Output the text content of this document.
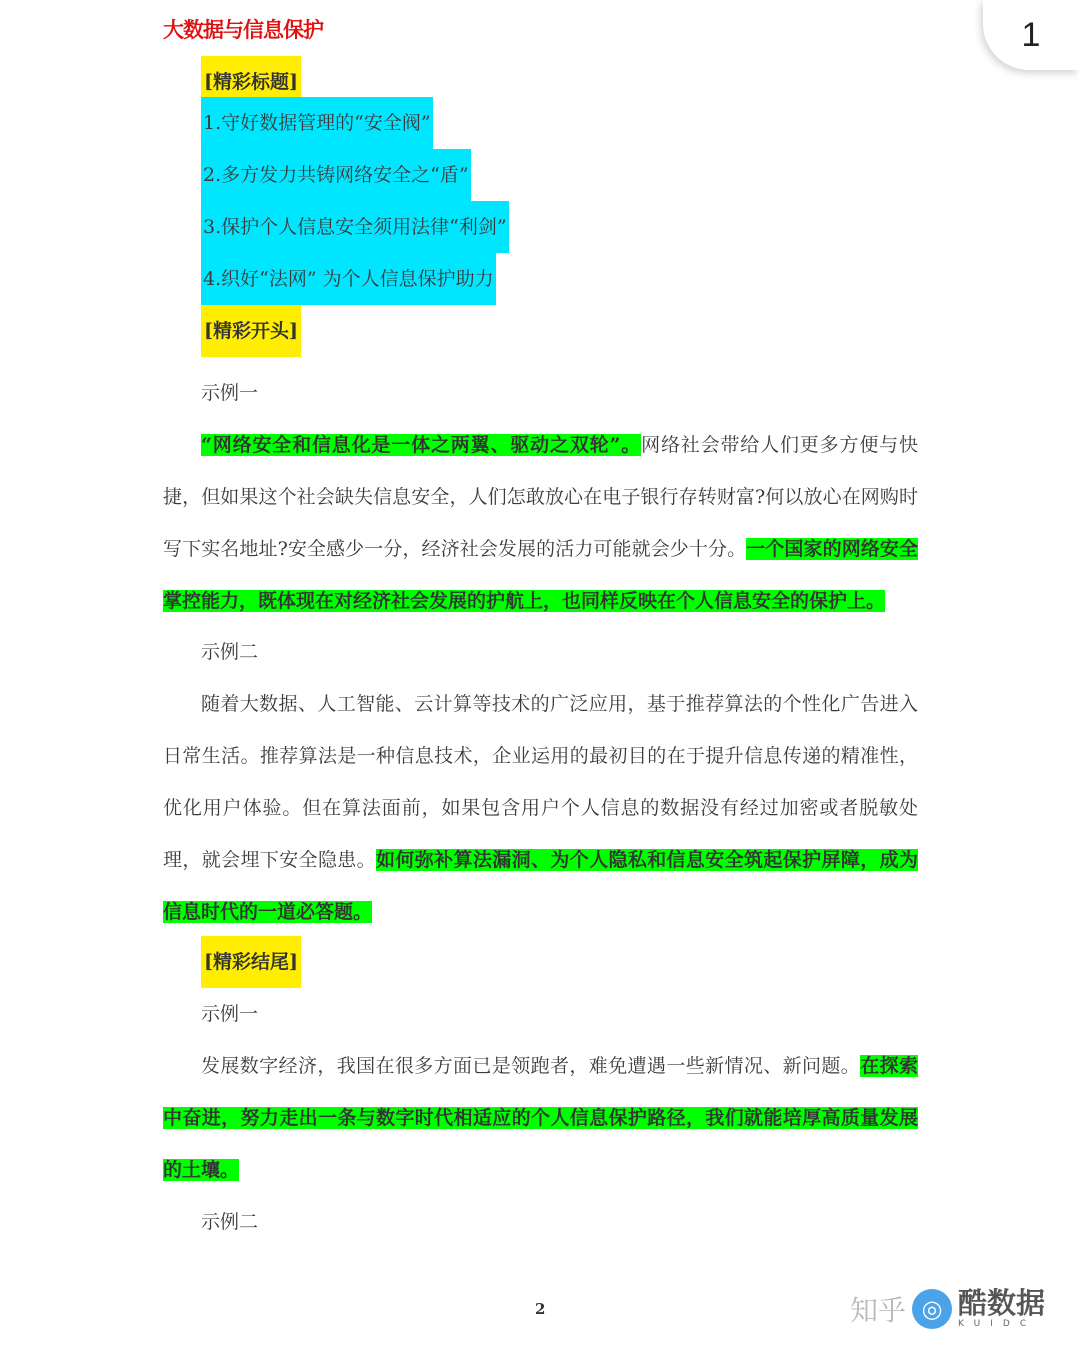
大数据与信息保护
[精彩标题]
1.守好数据管理的“安全阀”
2.多方发力共铸网络安全之“盾”
3.保护个人信息安全须用法律“利剑”
4.织好“法网” 为个人信息保护助力
[精彩开头]
示例一
“网络安全和信息化是一体之两翼、驱动之双轮”。网络社会带给人们更多方便与快捷，但如果这个社会缺失信息安全，人们怎敢放心在电子银行存转财富?何以放心在网购时写下实名地址?安全感少一分，经济社会发展的活力可能就会少十分。一个国家的网络安全掌控能力，既体现在对经济社会发展的护航上，也同样反映在个人信息安全的保护上。
示例二
随着大数据、人工智能、云计算等技术的广泛应用，基于推荐算法的个性化广告进入日常生活。推荐算法是一种信息技术，企业运用的最初目的在于提升信息传递的精准性，优化用户体验。但在算法面前，如果包含用户个人信息的数据没有经过加密或者脱敏处理，就会埋下安全隐患。如何弥补算法漏洞、为个人隐私和信息安全筑起保护屏障，成为信息时代的一道必答题。
[精彩结尾]
示例一
发展数字经济，我国在很多方面已是领跑者，难免遭遇一些新情况、新问题。在探索中奋进，努力走出一条与数字时代相适应的个人信息保护路径，我们就能培厚高质量发展的土壤。
示例二
2
1
知乎 ◎ 酷数据
KUIDC
